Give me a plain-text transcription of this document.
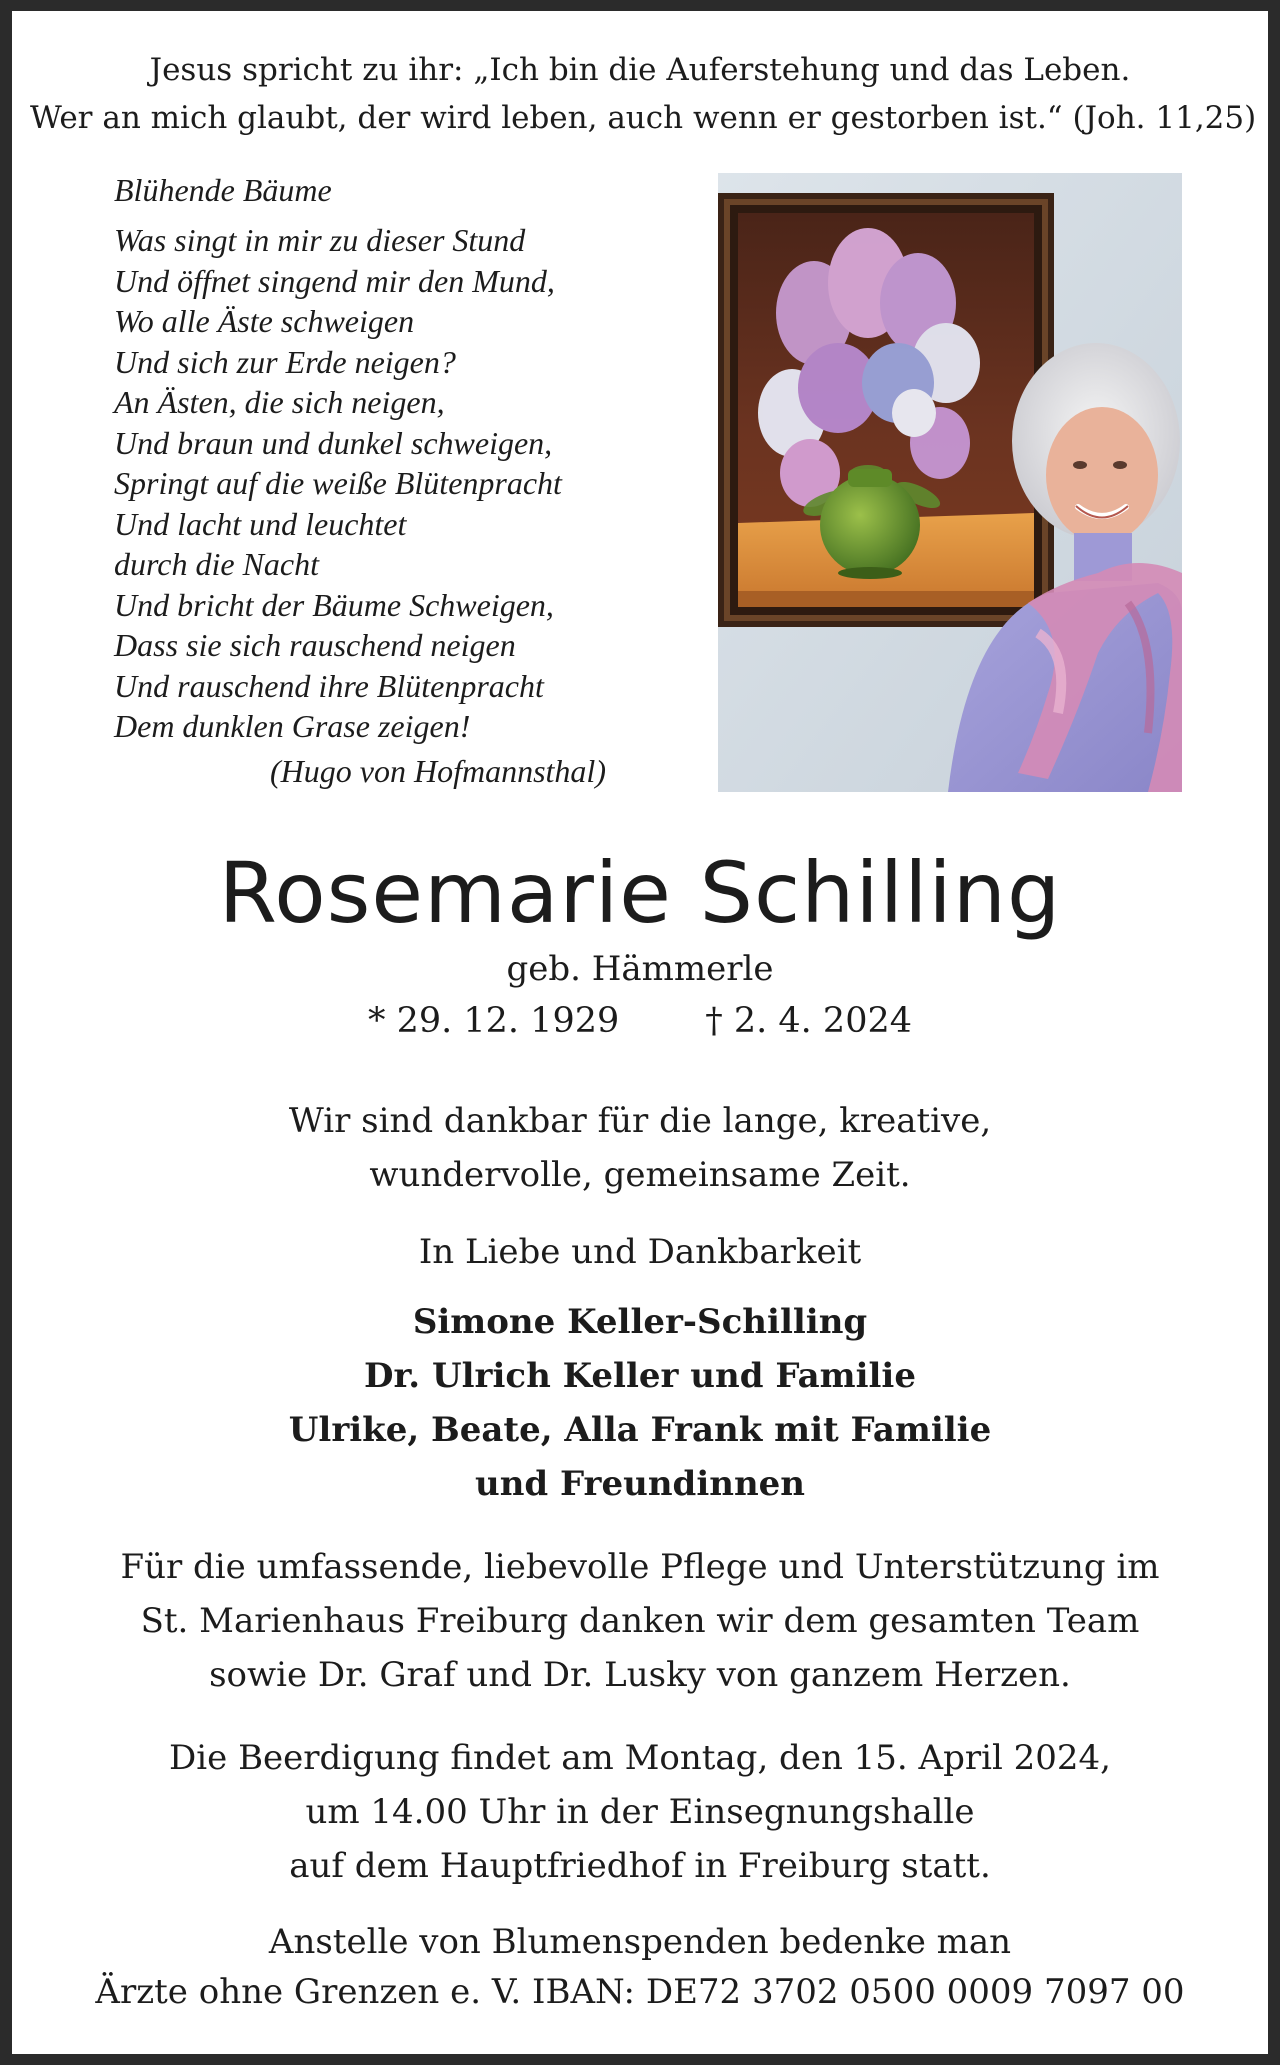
Jesus spricht zu ihr: „Ich bin die Auferstehung und das Leben.
Wer an mich glaubt, der wird leben, auch wenn er gestorben ist.“ (Joh. 11,25)
Blühende Bäume
Was singt in mir zu dieser Stund
Und öffnet singend mir den Mund,
Wo alle Äste schweigen
Und sich zur Erde neigen?
An Ästen, die sich neigen,
Und braun und dunkel schweigen,
Springt auf die weiße Blütenpracht
Und lacht und leuchtet
durch die Nacht
Und bricht der Bäume Schweigen,
Dass sie sich rauschend neigen
Und rauschend ihre Blütenpracht
Dem dunklen Grase zeigen!
(Hugo von Hofmannsthal)
Rosemarie Schilling
geb. Hämmerle
* 29. 12. 1929 † 2. 4. 2024
Wir sind dankbar für die lange, kreative,
wundervolle, gemeinsame Zeit.
In Liebe und Dankbarkeit
Simone Keller-Schilling
Dr. Ulrich Keller und Familie
Ulrike, Beate, Alla Frank mit Familie
und Freundinnen
Für die umfassende, liebevolle Pflege und Unterstützung im
St. Marienhaus Freiburg danken wir dem gesamten Team
sowie Dr. Graf und Dr. Lusky von ganzem Herzen.
Die Beerdigung findet am Montag, den 15. April 2024,
um 14.00 Uhr in der Einsegnungshalle
auf dem Hauptfriedhof in Freiburg statt.
Anstelle von Blumenspenden bedenke man
Ärzte ohne Grenzen e. V. IBAN: DE72 3702 0500 0009 7097 00
